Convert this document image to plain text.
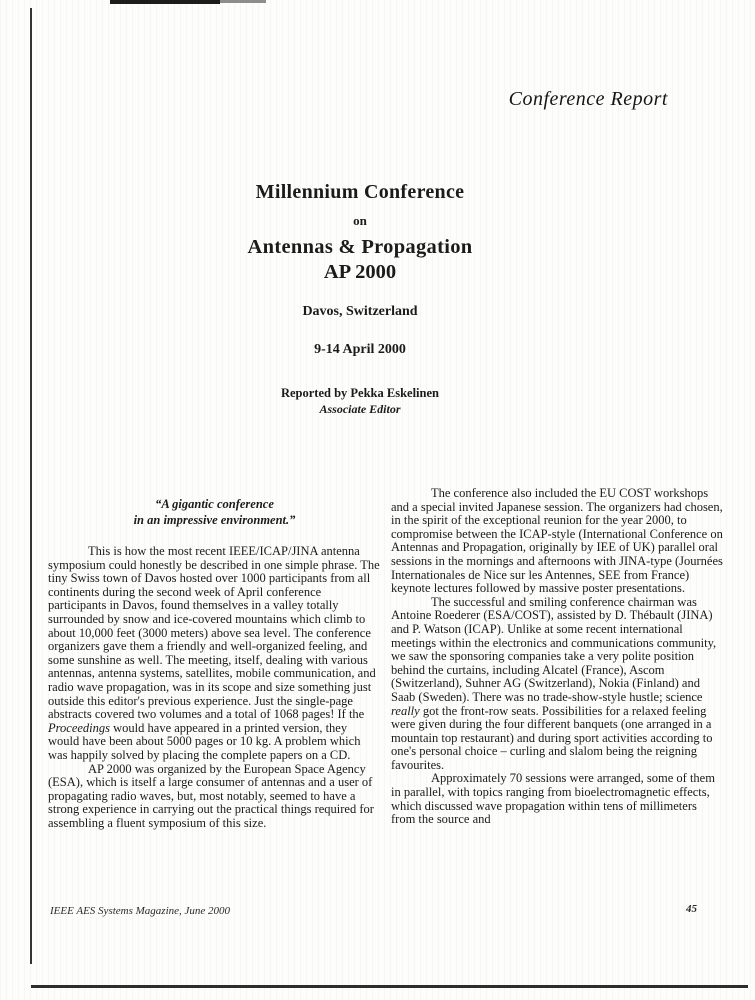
Conference Report
Millennium Conference
on
Antennas & Propagation
AP 2000
Davos, Switzerland
9-14 April 2000
Reported by Pekka Eskelinen
Associate Editor
“A gigantic conference
in an impressive environment.”

This is how the most recent IEEE/ICAP/JINA antenna symposium could honestly be described in one simple phrase. The tiny Swiss town of Davos hosted over 1000 participants from all continents during the second week of April conference participants in Davos, found themselves in a valley totally surrounded by snow and ice-covered mountains which climb to about 10,000 feet (3000 meters) above sea level. The conference organizers gave them a friendly and well-organized feeling, and some sunshine as well. The meeting, itself, dealing with various antennas, antenna systems, satellites, mobile communication, and radio wave propagation, was in its scope and size something just outside this editor's previous experience. Just the single-page abstracts covered two volumes and a total of 1068 pages! If the Proceedings would have appeared in a printed version, they would have been about 5000 pages or 10 kg. A problem which was happily solved by placing the complete papers on a CD.

AP 2000 was organized by the European Space Agency (ESA), which is itself a large consumer of antennas and a user of propagating radio waves, but, most notably, seemed to have a strong experience in carrying out the practical things required for assembling a fluent symposium of this size.

The conference also included the EU COST workshops and a special invited Japanese session. The organizers had chosen, in the spirit of the exceptional reunion for the year 2000, to compromise between the ICAP-style (International Conference on Antennas and Propagation, originally by IEE of UK) parallel oral sessions in the mornings and afternoons with JINA-type (Journées Internationales de Nice sur les Antennes, SEE from France) keynote lectures followed by massive poster presentations.

The successful and smiling conference chairman was Antoine Roederer (ESA/COST), assisted by D. Thébault (JINA) and P. Watson (ICAP). Unlike at some recent international meetings within the electronics and communications community, we saw the sponsoring companies take a very polite position behind the curtains, including Alcatel (France), Ascom (Switzerland), Suhner AG (Switzerland), Nokia (Finland) and Saab (Sweden). There was no trade-show-style hustle; science really got the front-row seats. Possibilities for a relaxed feeling were given during the four different banquets (one arranged in a mountain top restaurant) and during sport activities according to one's personal choice – curling and slalom being the reigning favourites.

Approximately 70 sessions were arranged, some of them in parallel, with topics ranging from bioelectromagnetic effects, which discussed wave propagation within tens of millimeters from the source and

IEEE AES Systems Magazine, June 2000	45
